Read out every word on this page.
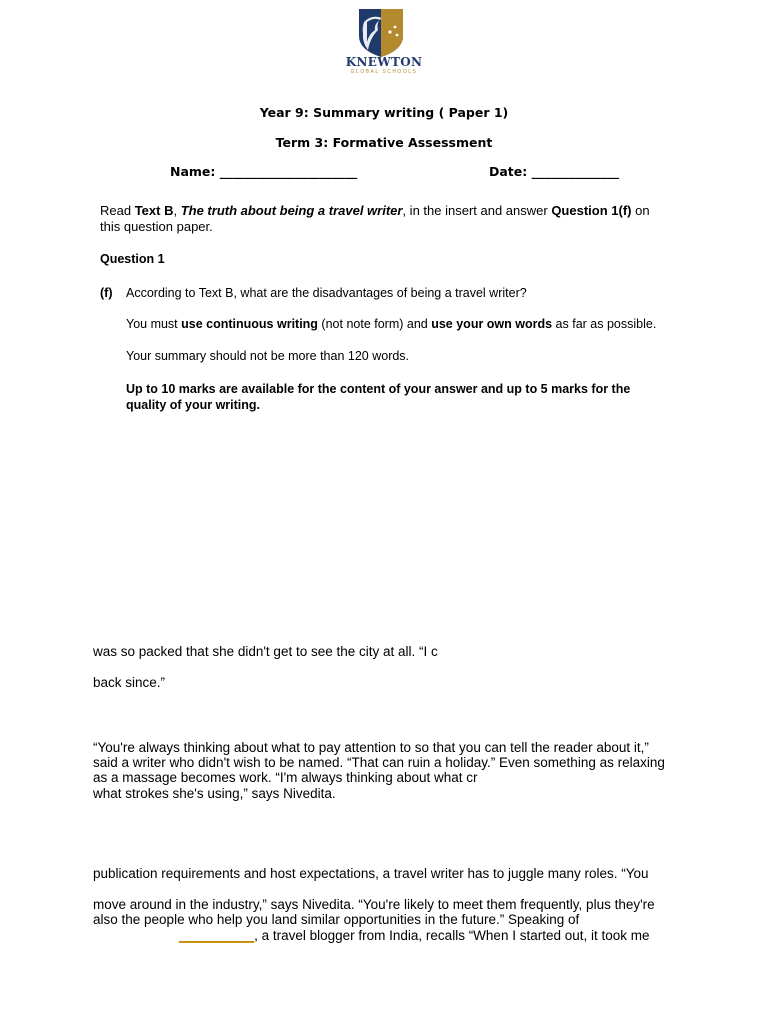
KNEWTON
GLOBAL SCHOOLS
Year 9: Summary writing ( Paper 1)
Term 3: Formative Assessment
Name: ______________________	Date: ______________
Read Text B, The truth about being a travel writer, in the insert and answer Question 1(f) on
this question paper.
Question 1
(f) According to Text B, what are the disadvantages of being a travel writer?
You must use continuous writing (not note form) and use your own words as far as possible.
Your summary should not be more than 120 words.
Up to 10 marks are available for the content of your answer and up to 5 marks for the
quality of your writing.
was so packed that she didn't get to see the city at all. “I c
back since.”
“You're always thinking about what to pay attention to so that you can tell the reader about it,”
said a writer who didn't wish to be named. “That can ruin a holiday.” Even something as relaxing
as a massage becomes work. “I'm always thinking about what cr
what strokes she's using,” says Nivedita.
publication requirements and host expectations, a travel writer has to juggle many roles. “You
move around in the industry,” says Nivedita. “You're likely to meet them frequently, plus they're
also the people who help you land similar opportunities in the future.” Speaking of
__________, a travel blogger from India, recalls “When I started out, it took me
